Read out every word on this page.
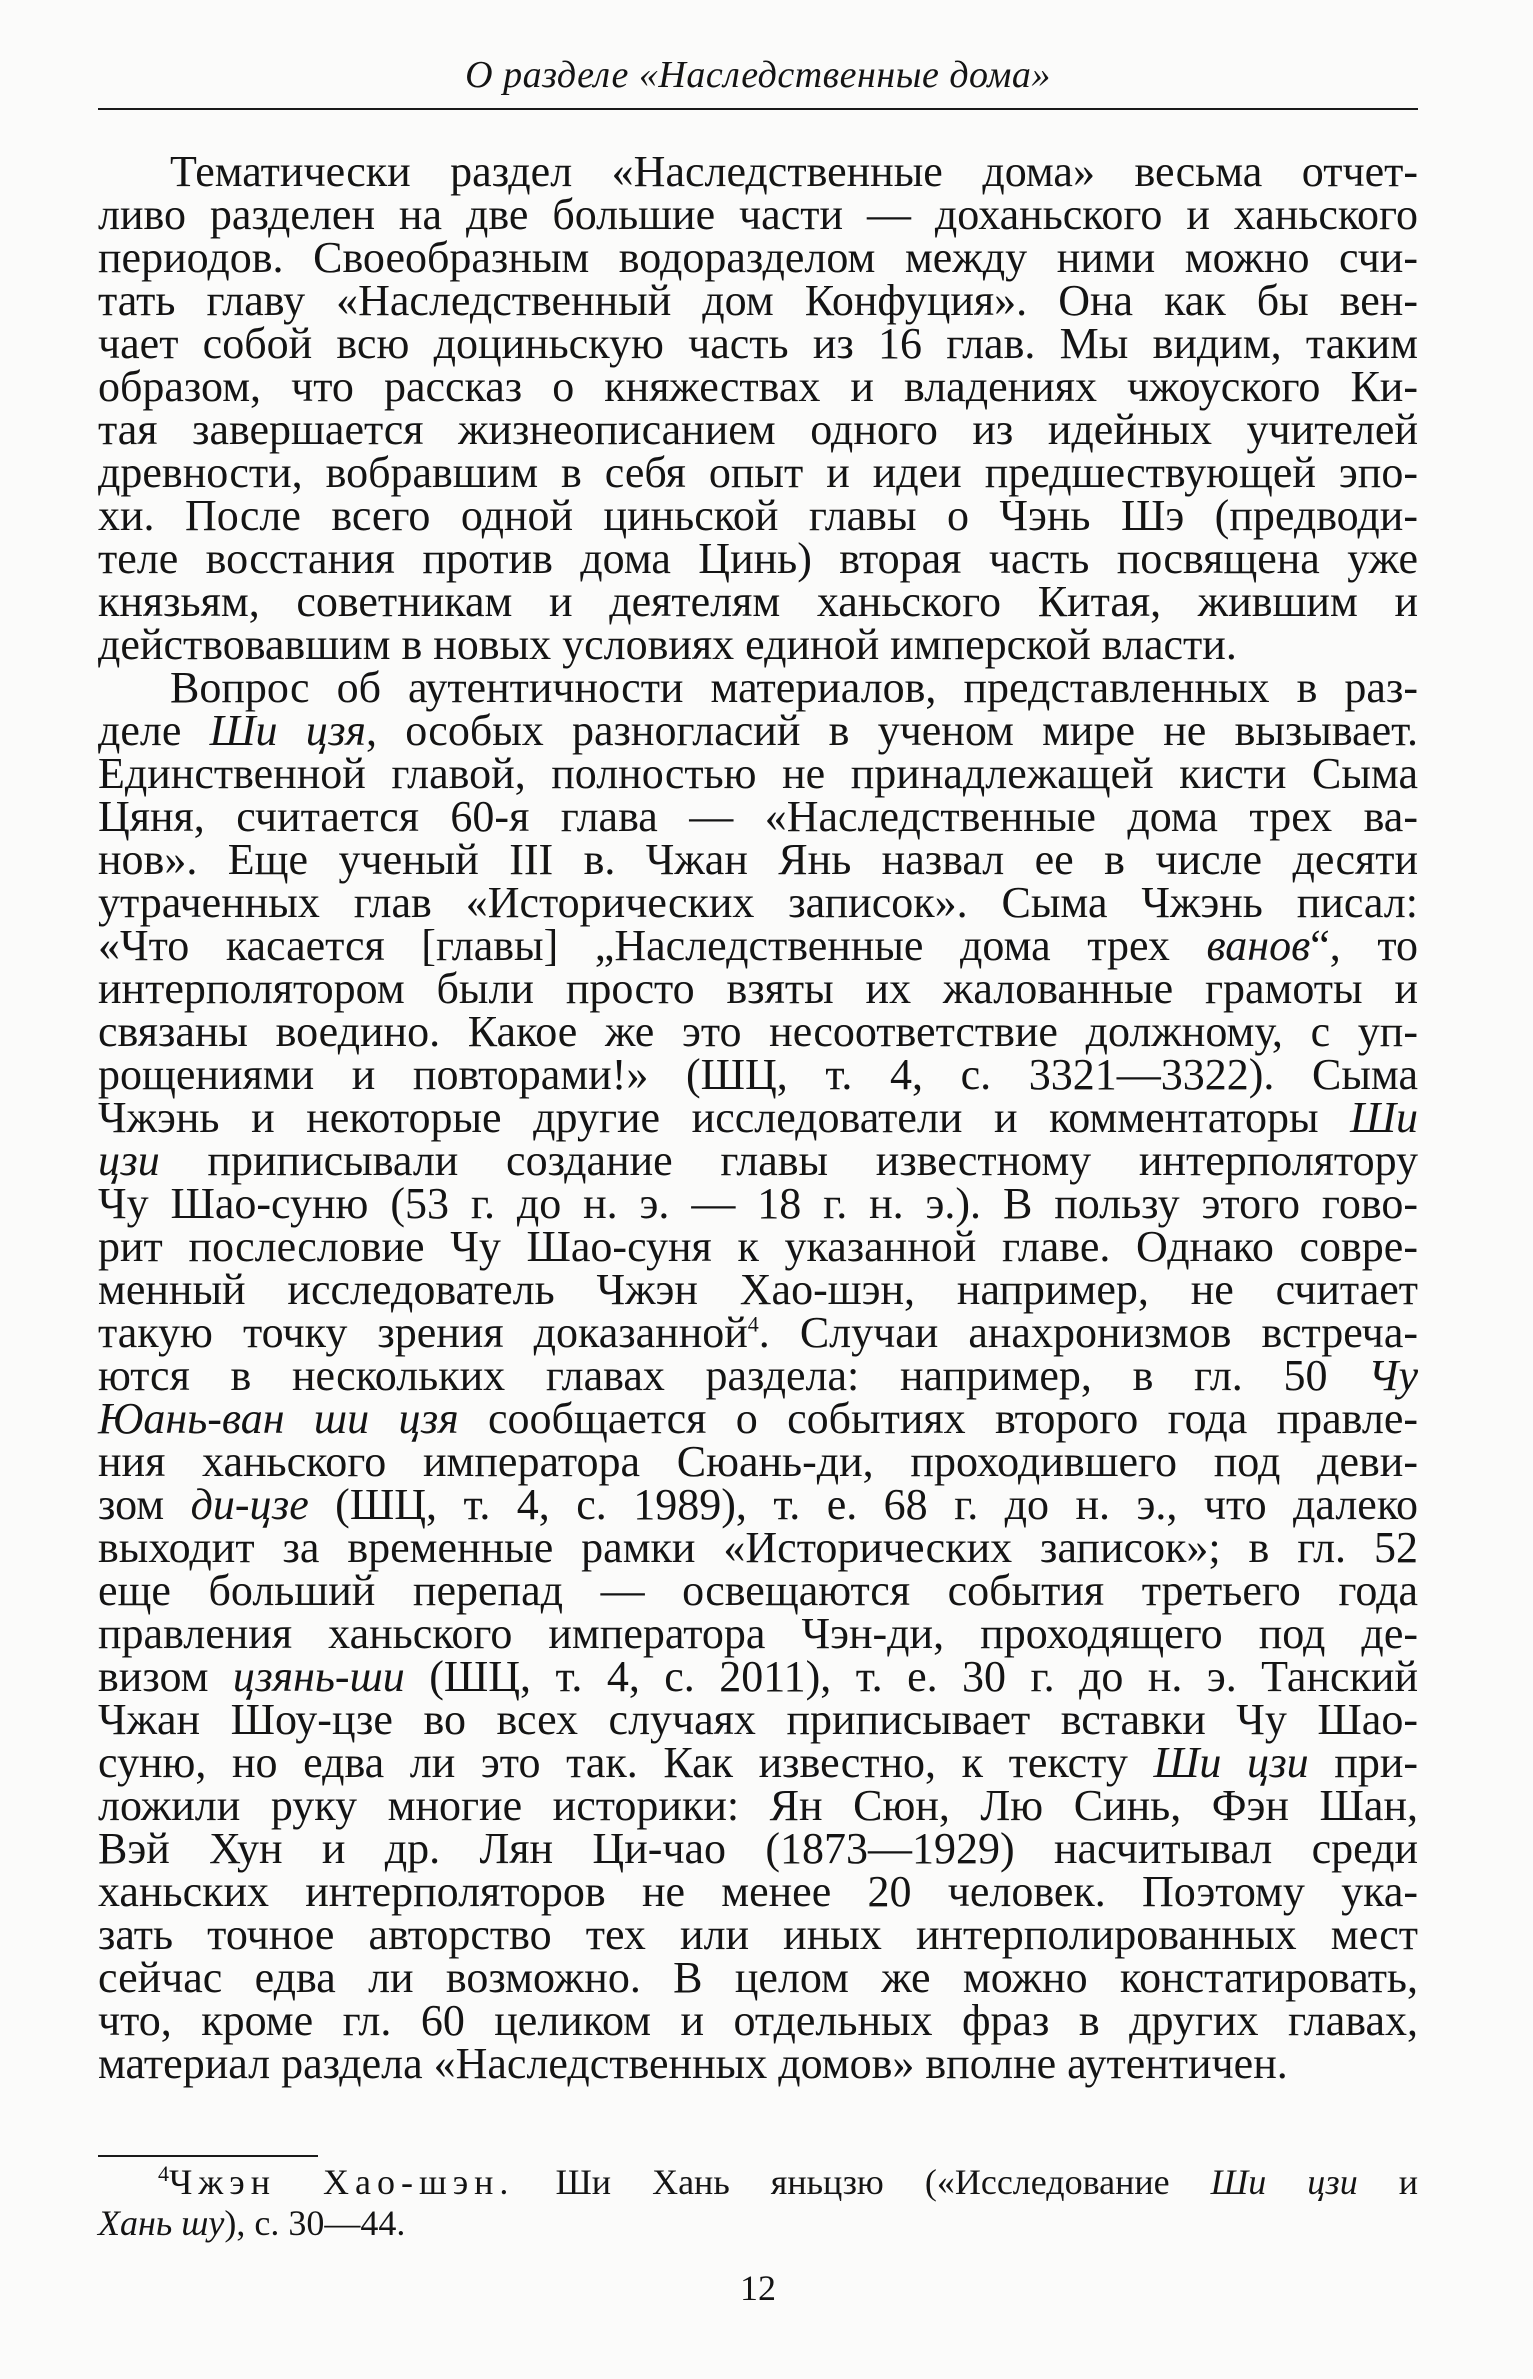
О разделе «Наследственные дома»
Тематически раздел «Наследственные дома» весьма отчет-
ливо разделен на две большие части — доханьского и ханьского
периодов. Своеобразным водоразделом между ними можно счи-
тать главу «Наследственный дом Конфуция». Она как бы вен-
чает собой всю доциньскую часть из 16 глав. Мы видим, таким
образом, что рассказ о княжествах и владениях чжоуского Ки-
тая завершается жизнеописанием одного из идейных учителей
древности, вобравшим в себя опыт и идеи предшествующей эпо-
хи. После всего одной циньской главы о Чэнь Шэ (предводи-
теле восстания против дома Цинь) вторая часть посвящена уже
князьям, советникам и деятелям ханьского Китая, жившим и
действовавшим в новых условиях единой имперской власти.
Вопрос об аутентичности материалов, представленных в раз-
деле Ши цзя, особых разногласий в ученом мире не вызывает.
Единственной главой, полностью не принадлежащей кисти Сыма
Цяня, считается 60-я глава — «Наследственные дома трех ва-
нов». Еще ученый III в. Чжан Янь назвал ее в числе десяти
утраченных глав «Исторических записок». Сыма Чжэнь писал:
«Что касается [главы] „Наследственные дома трех ванов“, то
интерполятором были просто взяты их жалованные грамоты и
связаны воедино. Какое же это несоответствие должному, с уп-
рощениями и повторами!» (ШЦ, т. 4, с. 3321—3322). Сыма
Чжэнь и некоторые другие исследователи и комментаторы Ши
цзи приписывали создание главы известному интерполятору
Чу Шао-суню (53 г. до н. э. — 18 г. н. э.). В пользу этого гово-
рит послесловие Чу Шао-суня к указанной главе. Однако совре-
менный исследователь Чжэн Хао-шэн, например, не считает
такую точку зрения доказанной$^4$. Случаи анахронизмов встреча-
ются в нескольких главах раздела: например, в гл. 50 Чу
Юань-ван ши цзя сообщается о событиях второго года правле-
ния ханьского императора Сюань-ди, проходившего под деви-
зом ди-цзе (ШЦ, т. 4, с. 1989), т. е. 68 г. до н. э., что далеко
выходит за временные рамки «Исторических записок»; в гл. 52
еще больший перепад — освещаются события третьего года
правления ханьского императора Чэн-ди, проходящего под де-
визом цзянь-ши (ШЦ, т. 4, с. 2011), т. е. 30 г. до н. э. Танский
Чжан Шоу-цзе во всех случаях приписывает вставки Чу Шао-
суню, но едва ли это так. Как известно, к тексту Ши цзи при-
ложили руку многие историки: Ян Сюн, Лю Синь, Фэн Шан,
Вэй Хун и др. Лян Ци-чао (1873—1929) насчитывал среди
ханьских интерполяторов не менее 20 человек. Поэтому ука-
зать точное авторство тех или иных интерполированных мест
сейчас едва ли возможно. В целом же можно констатировать,
что, кроме гл. 60 целиком и отдельных фраз в других главах,
материал раздела «Наследственных домов» вполне аутентичен.
$^4$Чжэн Хао-шэн. Ши Хань яньцзю («Исследование Ши цзи и
Хань шу), с. 30—44.
12
